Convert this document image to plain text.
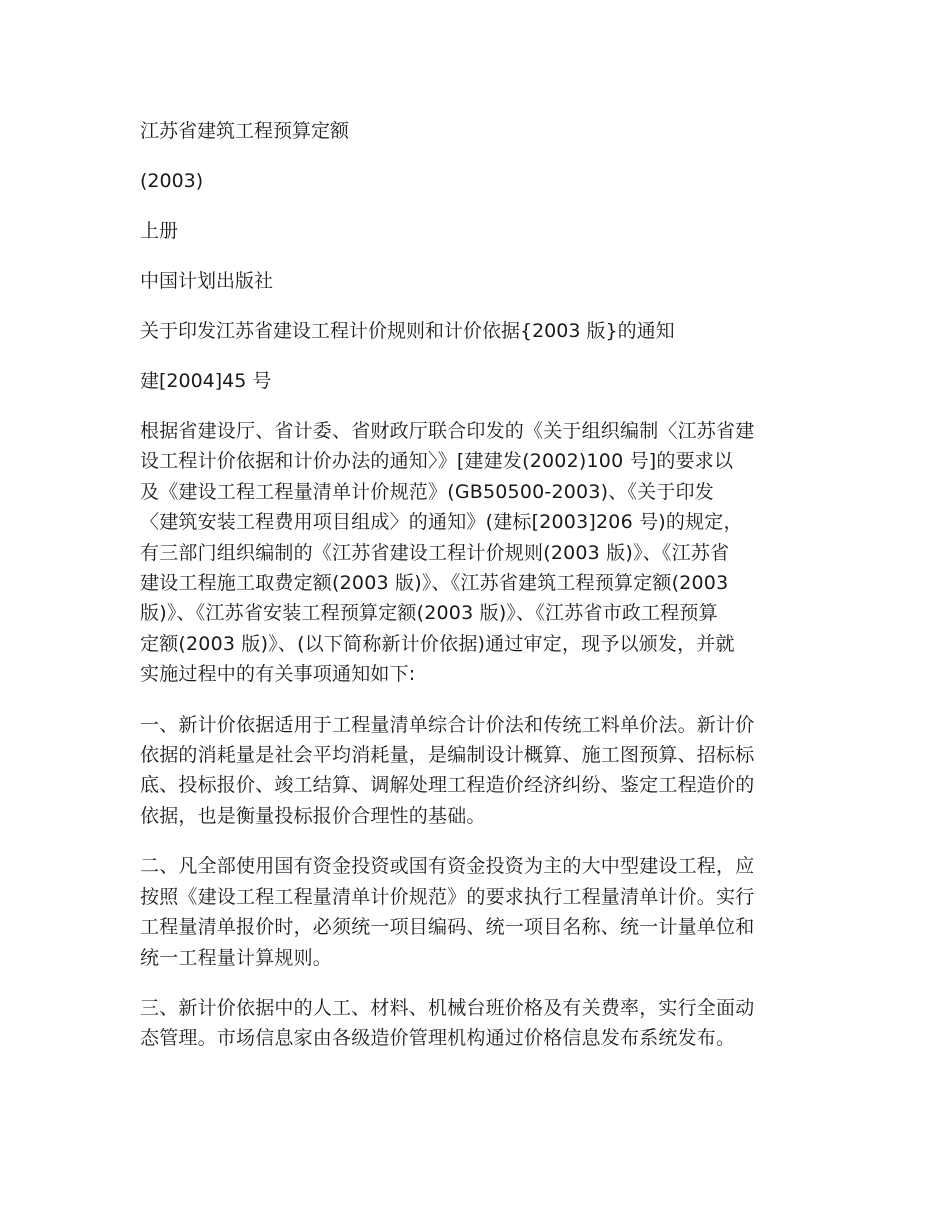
江苏省建筑工程预算定额
(2003)
上册
中国计划出版社
关于印发江苏省建设工程计价规则和计价依据{2003 版}的通知
建[2004]45 号
根据省建设厅、省计委、省财政厅联合印发的《关于组织编制〈江苏省建
设工程计价依据和计价办法的通知〉》[建建发(2002)100 号]的要求以
及《建设工程工程量清单计价规范》(GB50500-2003)、《关于印发
〈建筑安装工程费用项目组成〉的通知》(建标[2003]206 号)的规定，
有三部门组织编制的《江苏省建设工程计价规则(2003 版)》、《江苏省
建设工程施工取费定额(2003 版)》、《江苏省建筑工程预算定额(2003
版)》、《江苏省安装工程预算定额(2003 版)》、《江苏省市政工程预算
定额(2003 版)》、(以下简称新计价依据)通过审定，现予以颁发，并就
实施过程中的有关事项通知如下:
一、新计价依据适用于工程量清单综合计价法和传统工料单价法。新计价
依据的消耗量是社会平均消耗量，是编制设计概算、施工图预算、招标标
底、投标报价、竣工结算、调解处理工程造价经济纠纷、鉴定工程造价的
依据，也是衡量投标报价合理性的基础。
二、凡全部使用国有资金投资或国有资金投资为主的大中型建设工程，应
按照《建设工程工程量清单计价规范》的要求执行工程量清单计价。实行
工程量清单报价时，必须统一项目编码、统一项目名称、统一计量单位和
统一工程量计算规则。
三、新计价依据中的人工、材料、机械台班价格及有关费率，实行全面动
态管理。市场信息家由各级造价管理机构通过价格信息发布系统发布。
